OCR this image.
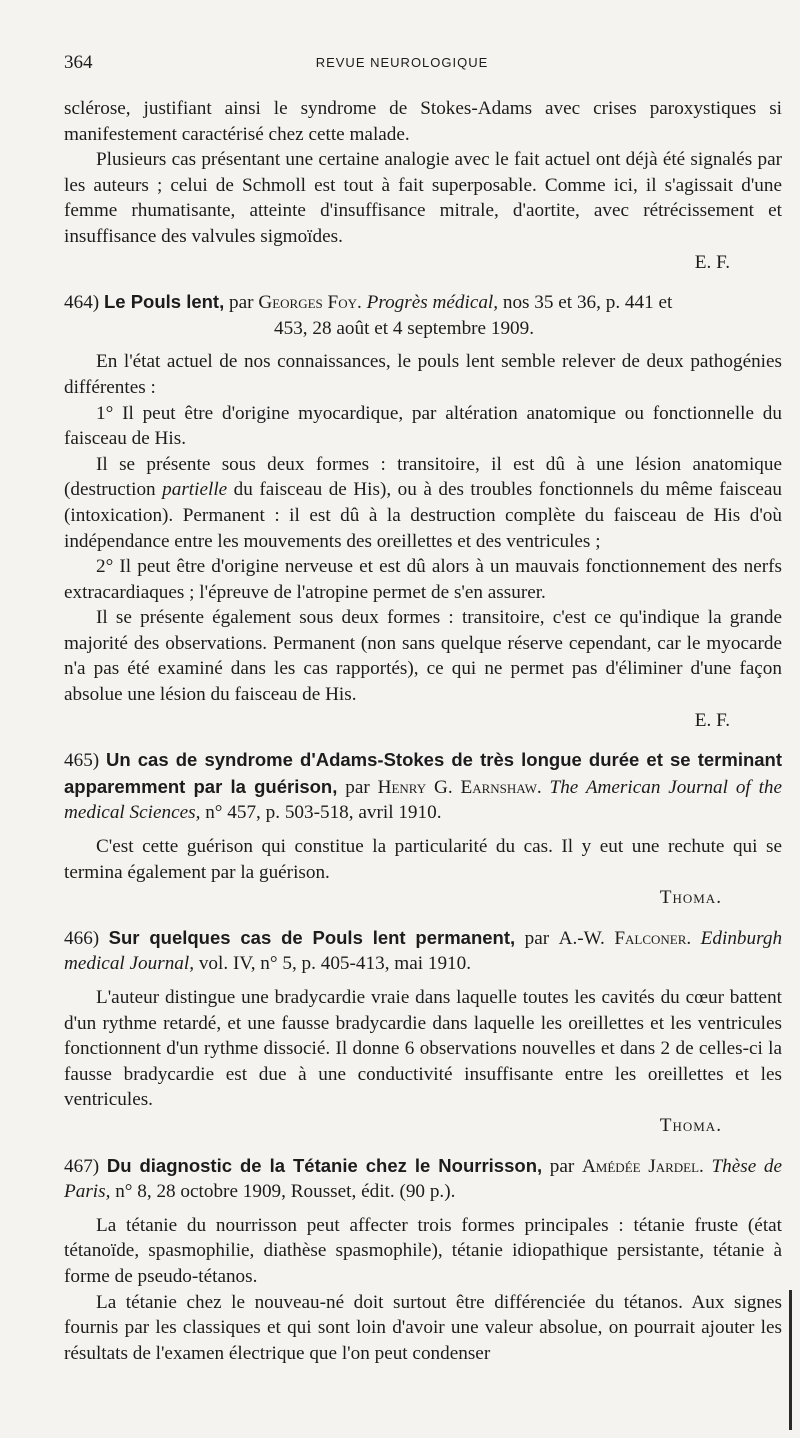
364	REVUE NEUROLOGIQUE

sclérose, justifiant ainsi le syndrome de Stokes-Adams avec crises paroxystiques si manifestement caractérisé chez cette malade.

Plusieurs cas présentant une certaine analogie avec le fait actuel ont déjà été signalés par les auteurs ; celui de Schmoll est tout à fait superposable. Comme ici, il s'agissait d'une femme rhumatisante, atteinte d'insuffisance mitrale, d'aortite, avec rétrécissement et insuffisance des valvules sigmoïdes.

E. F.
464) Le Pouls lent, par Georges Foy. Progrès médical, nos 35 et 36, p. 441 et
453, 28 août et 4 septembre 1909.

En l'état actuel de nos connaissances, le pouls lent semble relever de deux pathogénies différentes :

1° Il peut être d'origine myocardique, par altération anatomique ou fonctionnelle du faisceau de His.

Il se présente sous deux formes : transitoire, il est dû à une lésion anatomique (destruction partielle du faisceau de His), ou à des troubles fonctionnels du même faisceau (intoxication). Permanent : il est dû à la destruction complète du faisceau de His d'où indépendance entre les mouvements des oreillettes et des ventricules ;

2° Il peut être d'origine nerveuse et est dû alors à un mauvais fonctionnement des nerfs extracardiaques ; l'épreuve de l'atropine permet de s'en assurer.

Il se présente également sous deux formes : transitoire, c'est ce qu'indique la grande majorité des observations. Permanent (non sans quelque réserve cependant, car le myocarde n'a pas été examiné dans les cas rapportés), ce qui ne permet pas d'éliminer d'une façon absolue une lésion du faisceau de His.

E. F.
465) Un cas de syndrome d'Adams-Stokes de très longue durée et se terminant apparemment par la guérison, par Henry G. Earnshaw. The American Journal of the medical Sciences, n° 457, p. 503-518, avril 1910.

C'est cette guérison qui constitue la particularité du cas. Il y eut une rechute qui se termina également par la guérison.

Thoma.
466) Sur quelques cas de Pouls lent permanent, par A.-W. Falconer. Edinburgh medical Journal, vol. IV, n° 5, p. 405-413, mai 1910.

L'auteur distingue une bradycardie vraie dans laquelle toutes les cavités du cœur battent d'un rythme retardé, et une fausse bradycardie dans laquelle les oreillettes et les ventricules fonctionnent d'un rythme dissocié. Il donne 6 observations nouvelles et dans 2 de celles-ci la fausse bradycardie est due à une conductivité insuffisante entre les oreillettes et les ventricules.

Thoma.
467) Du diagnostic de la Tétanie chez le Nourrisson, par Amédée Jardel. Thèse de Paris, n° 8, 28 octobre 1909, Rousset, édit. (90 p.).

La tétanie du nourrisson peut affecter trois formes principales : tétanie fruste (état tétanoïde, spasmophilie, diathèse spasmophile), tétanie idiopathique persistante, tétanie à forme de pseudo-tétanos.

La tétanie chez le nouveau-né doit surtout être différenciée du tétanos. Aux signes fournis par les classiques et qui sont loin d'avoir une valeur absolue, on pourrait ajouter les résultats de l'examen électrique que l'on peut condenser
